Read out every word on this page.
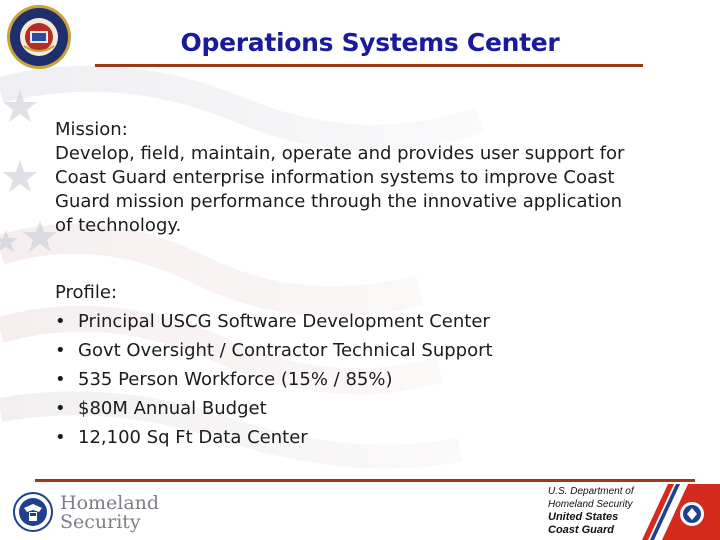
Operations Systems Center
Mission:
Develop, field, maintain, operate and provides user support for
Coast Guard enterprise information systems to improve Coast
Guard mission performance through the innovative application
of technology.
Profile:
• Principal USCG Software Development Center
• Govt Oversight / Contractor Technical Support
• 535 Person Workforce (15% / 85%)
• $80M Annual Budget
• 12,100 Sq Ft Data Center
Homeland
Security
U.S. Department of
Homeland Security
United States
Coast Guard
